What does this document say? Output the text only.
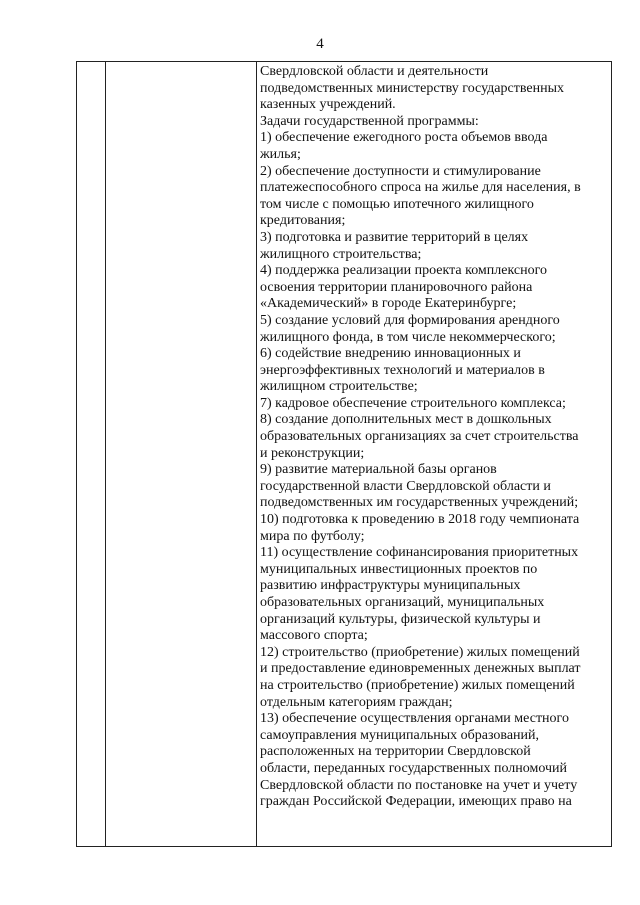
4

Свердловской области и деятельности
подведомственных министерству государственных
казенных учреждений.
Задачи государственной программы:
1) обеспечение ежегодного роста объемов ввода
жилья;
2) обеспечение доступности и стимулирование
платежеспособного спроса на жилье для населения, в
том числе с помощью ипотечного жилищного
кредитования;
3) подготовка и развитие территорий в целях
жилищного строительства;
4) поддержка реализации проекта комплексного
освоения территории планировочного района
«Академический» в городе Екатеринбурге;
5) создание условий для формирования арендного
жилищного фонда, в том числе некоммерческого;
6) содействие внедрению инновационных и
энергоэффективных технологий и материалов в
жилищном строительстве;
7) кадровое обеспечение строительного комплекса;
8) создание дополнительных мест в дошкольных
образовательных организациях за счет строительства
и реконструкции;
9) развитие материальной базы органов
государственной власти Свердловской области и
подведомственных им государственных учреждений;
10) подготовка к проведению в 2018 году чемпионата
мира по футболу;
11) осуществление софинансирования приоритетных
муниципальных инвестиционных проектов по
развитию инфраструктуры муниципальных
образовательных организаций, муниципальных
организаций культуры, физической культуры и
массового спорта;
12) строительство (приобретение) жилых помещений
и предоставление единовременных денежных выплат
на строительство (приобретение) жилых помещений
отдельным категориям граждан;
13) обеспечение осуществления органами местного
самоуправления муниципальных образований,
расположенных на территории Свердловской
области, переданных государственных полномочий
Свердловской области по постановке на учет и учету
граждан Российской Федерации, имеющих право на
